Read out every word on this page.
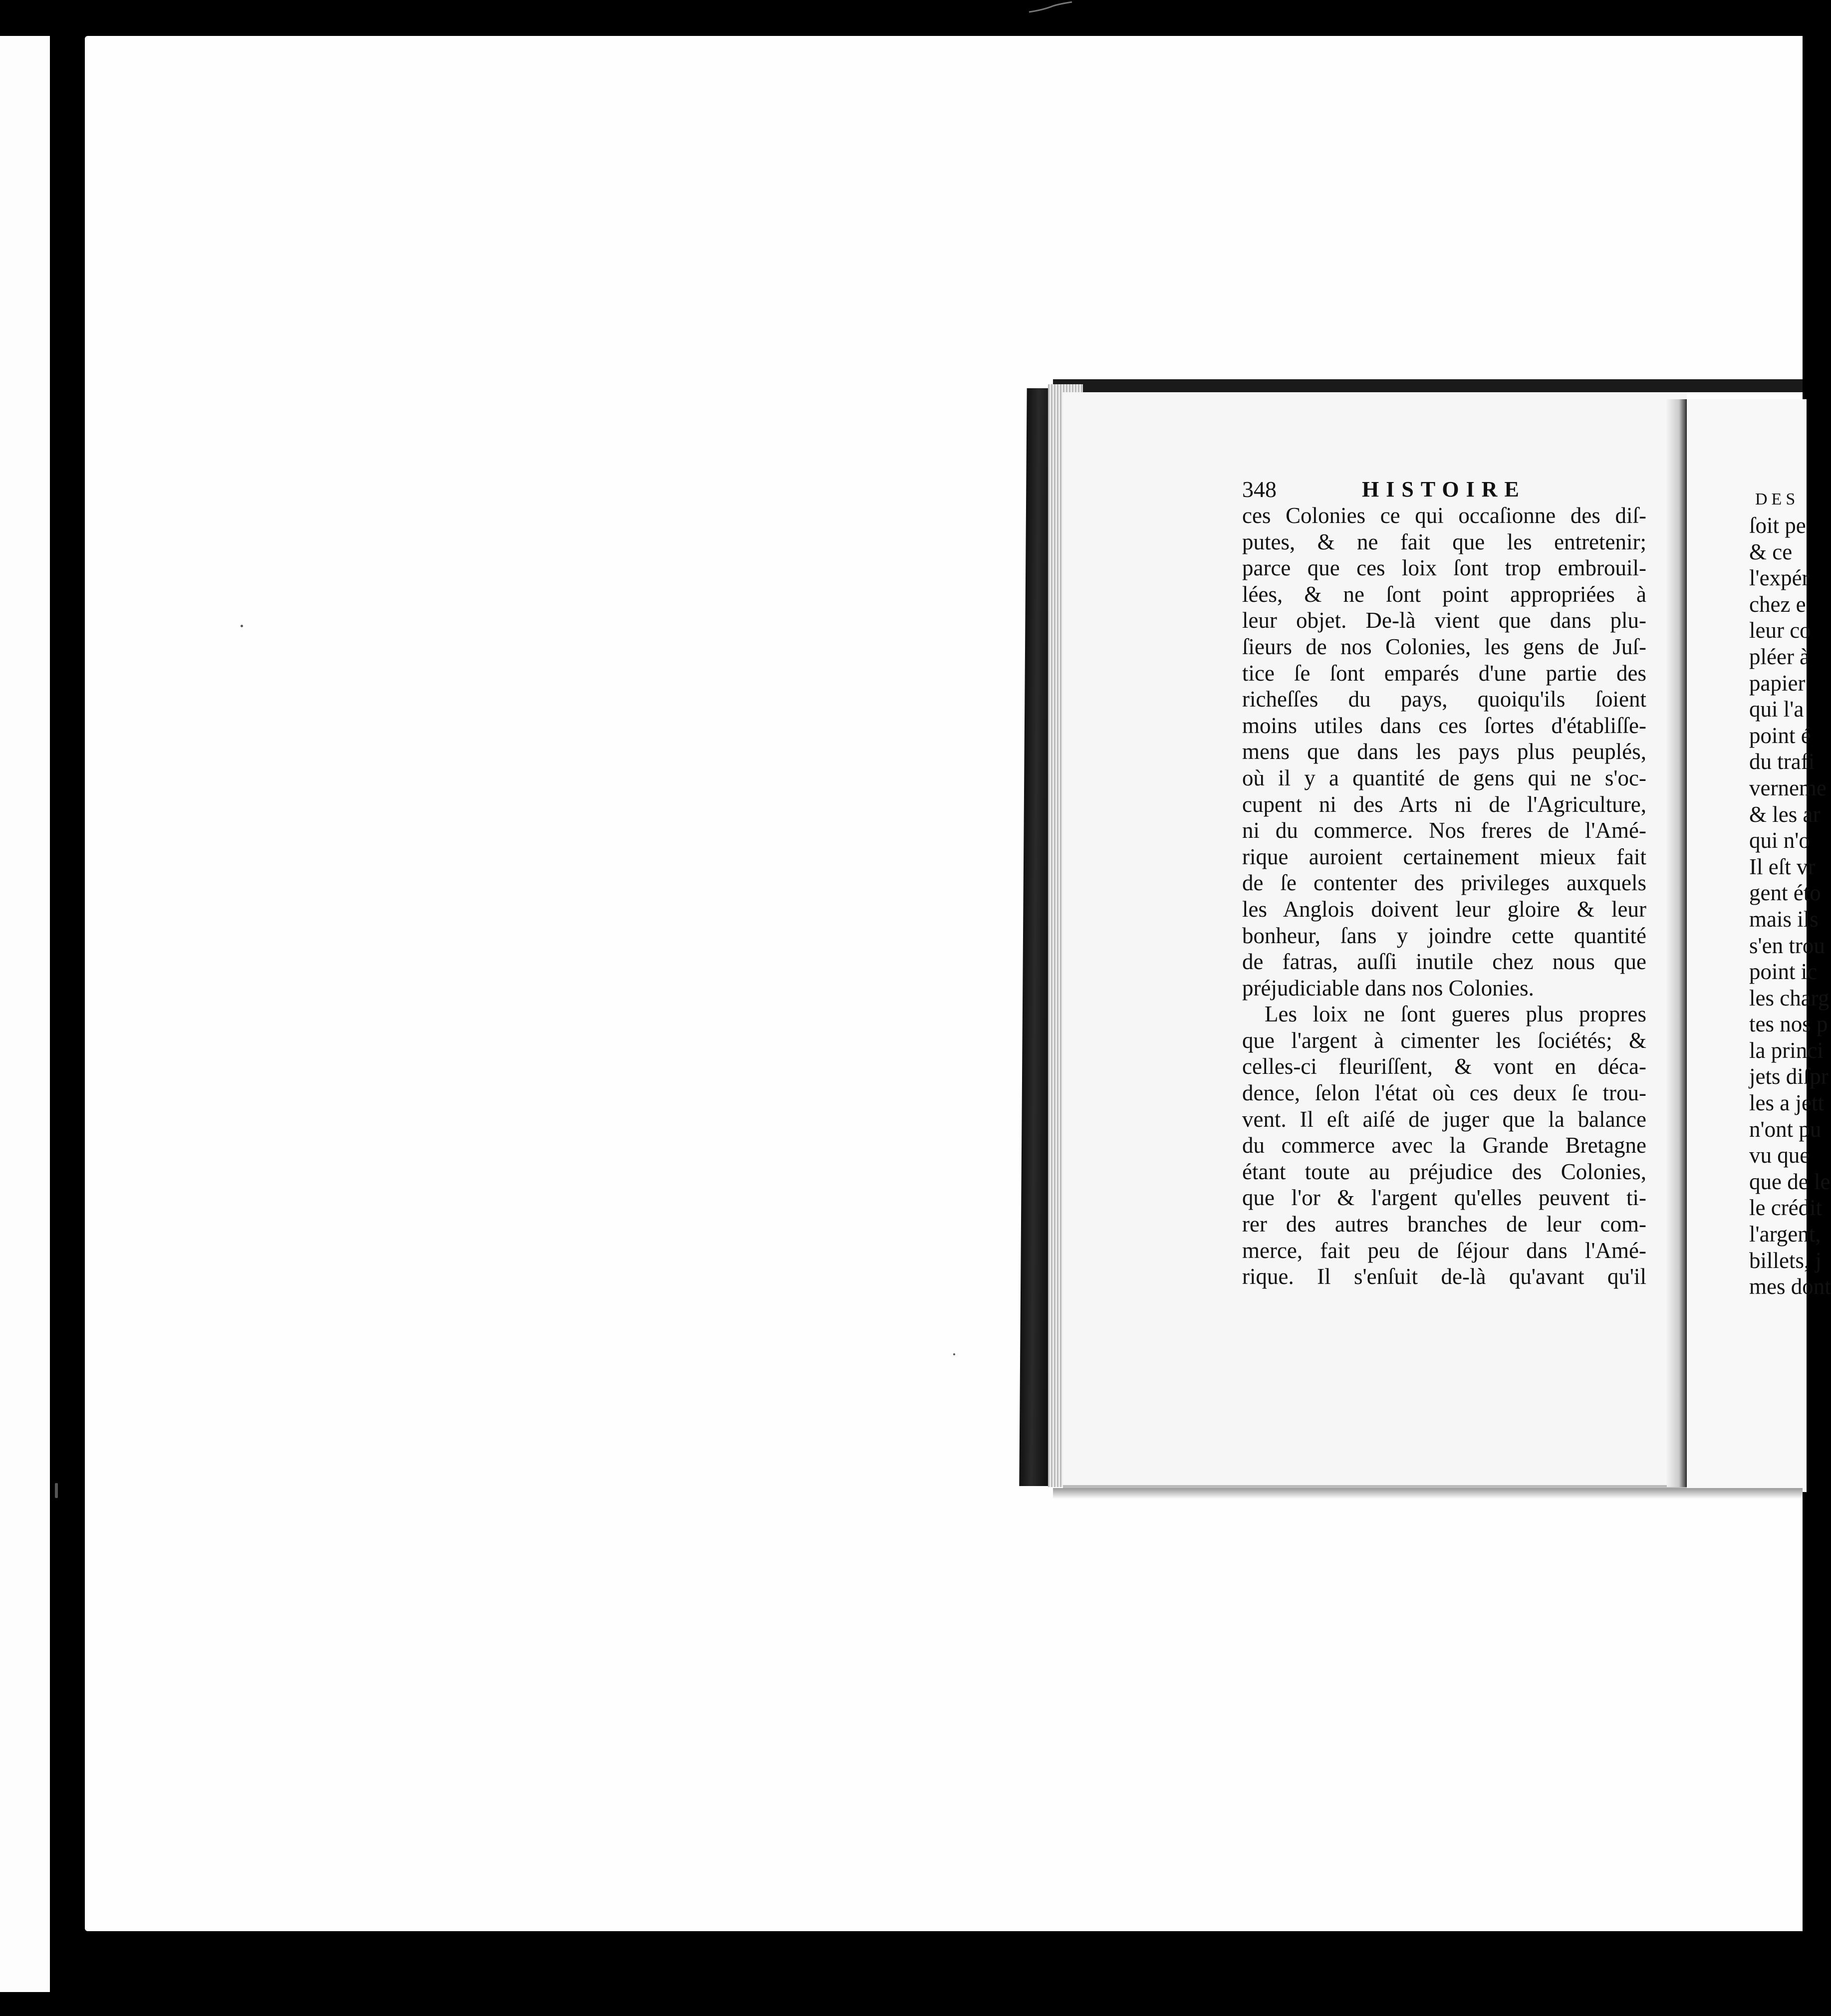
348	HISTOIRE
ces Colonies ce qui occaſionne des diſ-
putes, & ne fait que les entretenir;
parce que ces loix ſont trop embrouil-
lées, & ne ſont point appropriées à
leur objet. De-là vient que dans plu-
ſieurs de nos Colonies, les gens de Juſ-
tice ſe ſont emparés d'une partie des
richeſſes du pays, quoiqu'ils ſoient
moins utiles dans ces ſortes d'établiſſe-
mens que dans les pays plus peuplés,
où il y a quantité de gens qui ne s'oc-
cupent ni des Arts ni de l'Agriculture,
ni du commerce. Nos freres de l'Amé-
rique auroient certainement mieux fait
de ſe contenter des privileges auxquels
les Anglois doivent leur gloire & leur
bonheur, ſans y joindre cette quantité
de fatras, auſſi inutile chez nous que
préjudiciable dans nos Colonies.
Les loix ne ſont gueres plus propres
que l'argent à cimenter les ſociétés; &
celles-ci fleuriſſent, & vont en déca-
dence, ſelon l'état où ces deux ſe trou-
vent. Il eſt aiſé de juger que la balance
du commerce avec la Grande Bretagne
étant toute au préjudice des Colonies,
que l'or & l'argent qu'elles peuvent ti-
rer des autres branches de leur com-
merce, fait peu de ſéjour dans l'Amé-
rique. Il s'enſuit de-là qu'avant qu'il
DES
ſoit pe
& ce
l'expér
chez e
leur co
pléer à
papier
qui l'a
point é
du trafi
verneme
& les ar
qui n'o
Il eſt vr
gent éto
mais ils
s'en trou
point ic
les charg
tes nos p
la princi
jets diſpr
les a jett
n'ont pu
vu que
que de le
le crédit
l'argent,
billets, j
mes dont
